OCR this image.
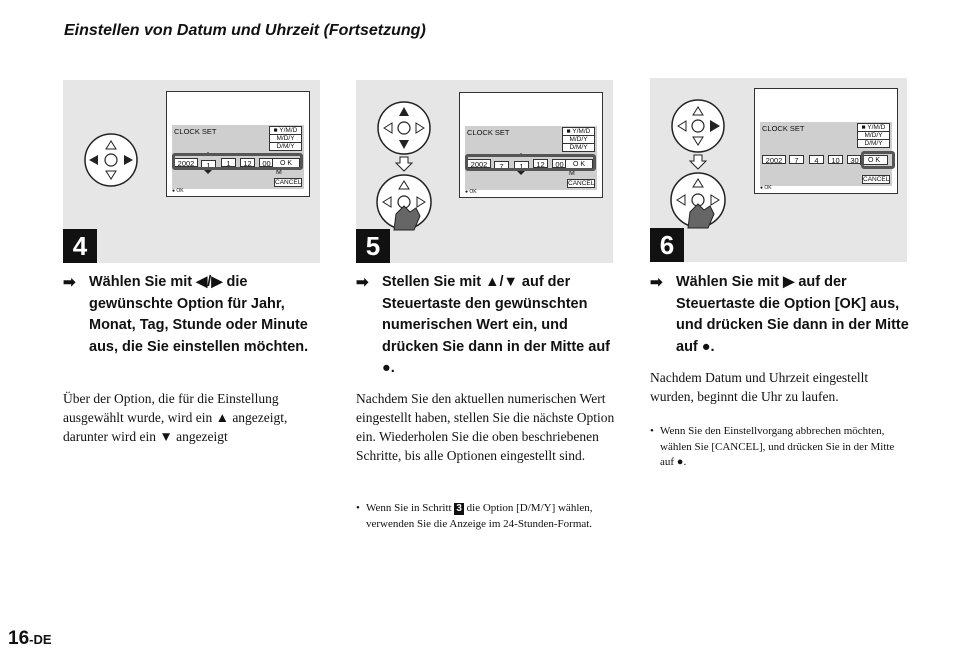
Einstellen von Datum und Uhrzeit (Fortsetzung)
CLOCK SET	■ Y/M/D
M/D/Y
D/M/Y
2002	1	1	12	00	O K
M
CANCEL
● OK
4
➡ Wählen Sie mit ◀/▶ die gewünschte Option für Jahr, Monat, Tag, Stunde oder Minute aus, die Sie einstellen möchten.
Über der Option, die für die Einstellung ausgewählt wurde, wird ein ▲ angezeigt, darunter wird ein ▼ angezeigt
CLOCK SET	■ Y/M/D
M/D/Y
D/M/Y
2002	7	1	12	00	O K
M
CANCEL
● OK
5
➡ Stellen Sie mit ▲/▼ auf der Steuertaste den gewünschten numerischen Wert ein, und drücken Sie dann in der Mitte auf ●.
Nachdem Sie den aktuellen numerischen Wert eingestellt haben, stellen Sie die nächste Option ein. Wiederholen Sie die oben beschriebenen Schritte, bis alle Optionen eingestellt sind.
• Wenn Sie in Schritt 3 die Option [D/M/Y] wählen, verwenden Sie die Anzeige im 24-Stunden-Format.
CLOCK SET	■ Y/M/D
M/D/Y
D/M/Y
2002	7	4	10	30	O K
CANCEL
● OK
6
➡ Wählen Sie mit ▶ auf der Steuertaste die Option [OK] aus, und drücken Sie dann in der Mitte auf ●.
Nachdem Datum und Uhrzeit eingestellt wurden, beginnt die Uhr zu laufen.
• Wenn Sie den Einstellvorgang abbrechen möchten, wählen Sie [CANCEL], und drücken Sie in der Mitte auf ●.
16-DE
